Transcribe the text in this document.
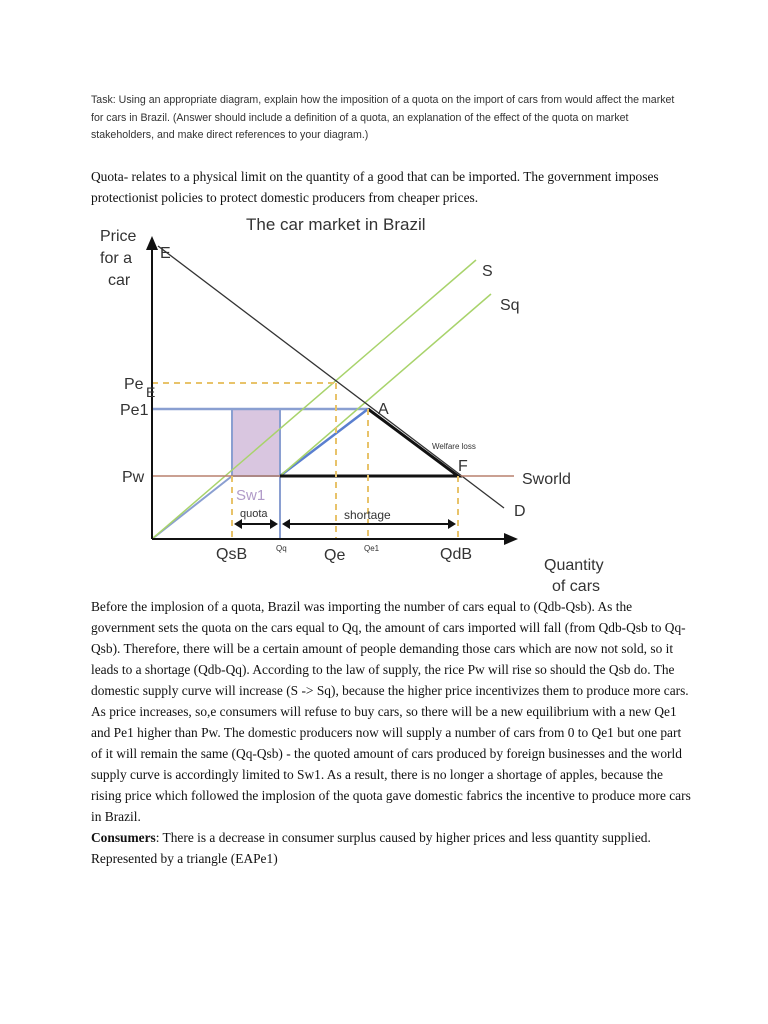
Task: Using an appropriate diagram, explain how the imposition of a quota on the import of cars from would affect the market for cars in Brazil. (Answer should include a definition of a quota, an explanation of the effect of the quota on market stakeholders, and make direct references to your diagram.)

Quota- relates to a physical limit on the quantity of a good that can be imported. The government imposes protectionist policies to protect domestic producers from cheaper prices.

The car market in Brazil
Price
for a
car
E
Pe E
Pe1
Pw
S
Sq
A
Welfare loss
F
Sworld
D
Sw1
quota	shortage
QsB	Qq Qe Qe1	QdB
Quantity
of cars

Before the implosion of a quota, Brazil was importing the number of cars equal to (Qdb-Qsb). As the government sets the quota on the cars equal to Qq, the amount of cars imported will fall (from Qdb-Qsb to Qq-Qsb). Therefore, there will be a certain amount of people demanding those cars which are now not sold, so it leads to a shortage (Qdb-Qq). According to the law of supply, the rice Pw will rise so should the Qsb do. The domestic supply curve will increase (S -> Sq), because the higher price incentivizes them to produce more cars. As price increases, so,e consumers will refuse to buy cars, so there will be a new equilibrium with a new Qe1 and Pe1 higher than Pw. The domestic producers now will supply a number of cars from 0 to Qe1 but one part of it will remain the same (Qq-Qsb) - the quoted amount of cars produced by foreign businesses and the world supply curve is accordingly limited to Sw1. As a result, there is no longer a shortage of apples, because the rising price which followed the implosion of the quota gave domestic fabrics the incentive to produce more cars in Brazil.

Consumers: There is a decrease in consumer surplus caused by higher prices and less quantity supplied. Represented by a triangle (EAPe1)
